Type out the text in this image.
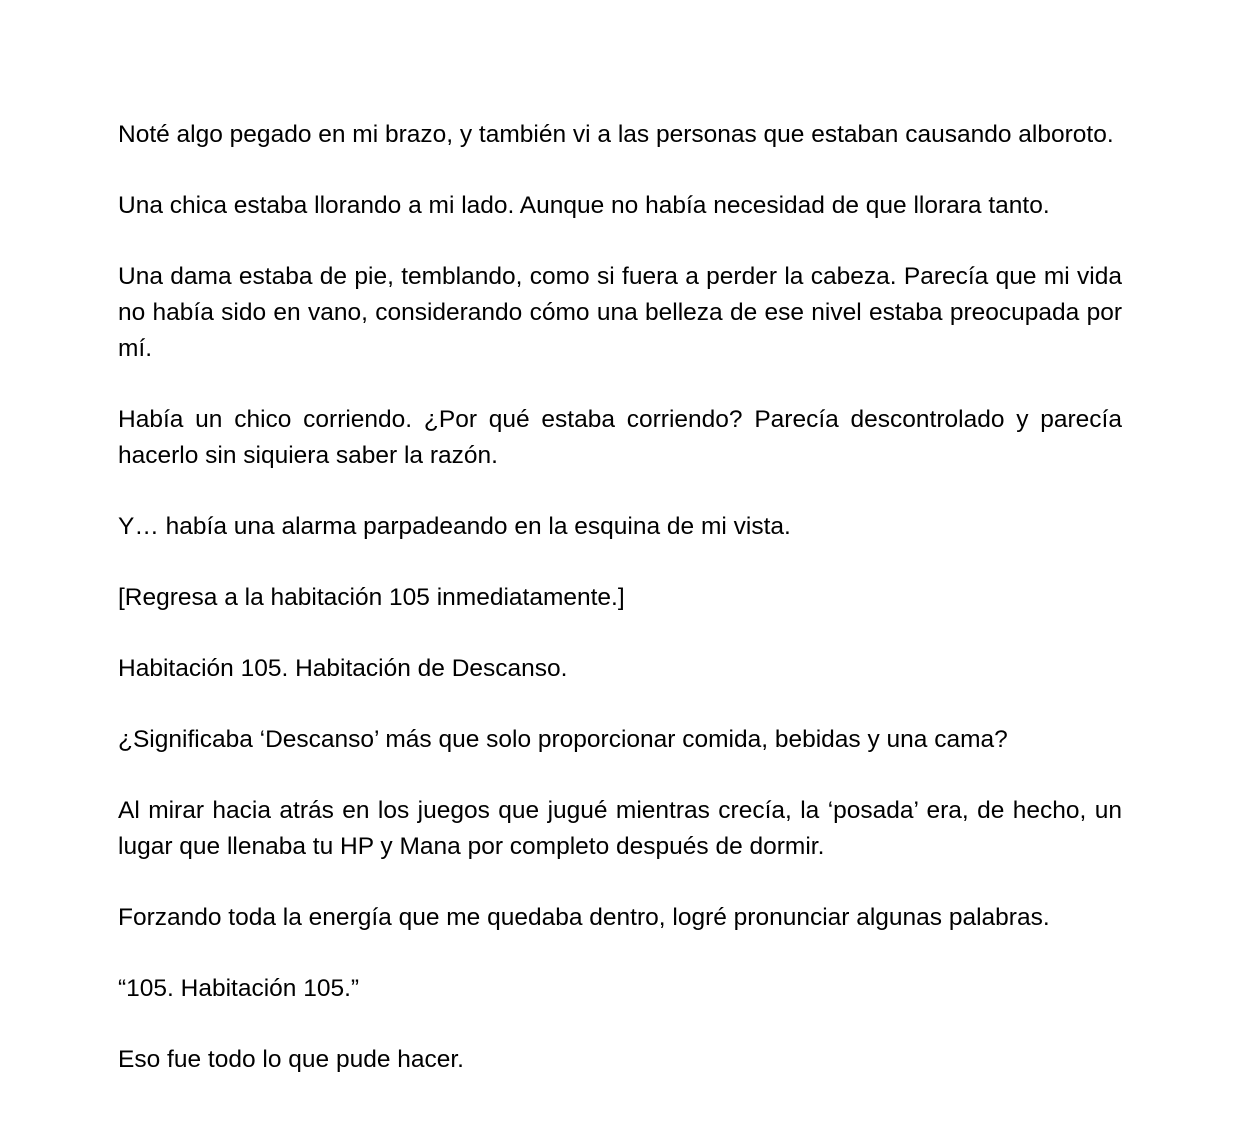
Noté algo pegado en mi brazo, y también vi a las personas que estaban causando alboroto.

Una chica estaba llorando a mi lado. Aunque no había necesidad de que llorara tanto.

Una dama estaba de pie, temblando, como si fuera a perder la cabeza. Parecía que mi vida no había sido en vano, considerando cómo una belleza de ese nivel estaba preocupada por mí.

Había un chico corriendo. ¿Por qué estaba corriendo? Parecía descontrolado y parecía hacerlo sin siquiera saber la razón.

Y… había una alarma parpadeando en la esquina de mi vista.

[Regresa a la habitación 105 inmediatamente.]

Habitación 105. Habitación de Descanso.

¿Significaba ‘Descanso’ más que solo proporcionar comida, bebidas y una cama?

Al mirar hacia atrás en los juegos que jugué mientras crecía, la ‘posada’ era, de hecho, un lugar que llenaba tu HP y Mana por completo después de dormir.

Forzando toda la energía que me quedaba dentro, logré pronunciar algunas palabras.

“105. Habitación 105.”

Eso fue todo lo que pude hacer.
